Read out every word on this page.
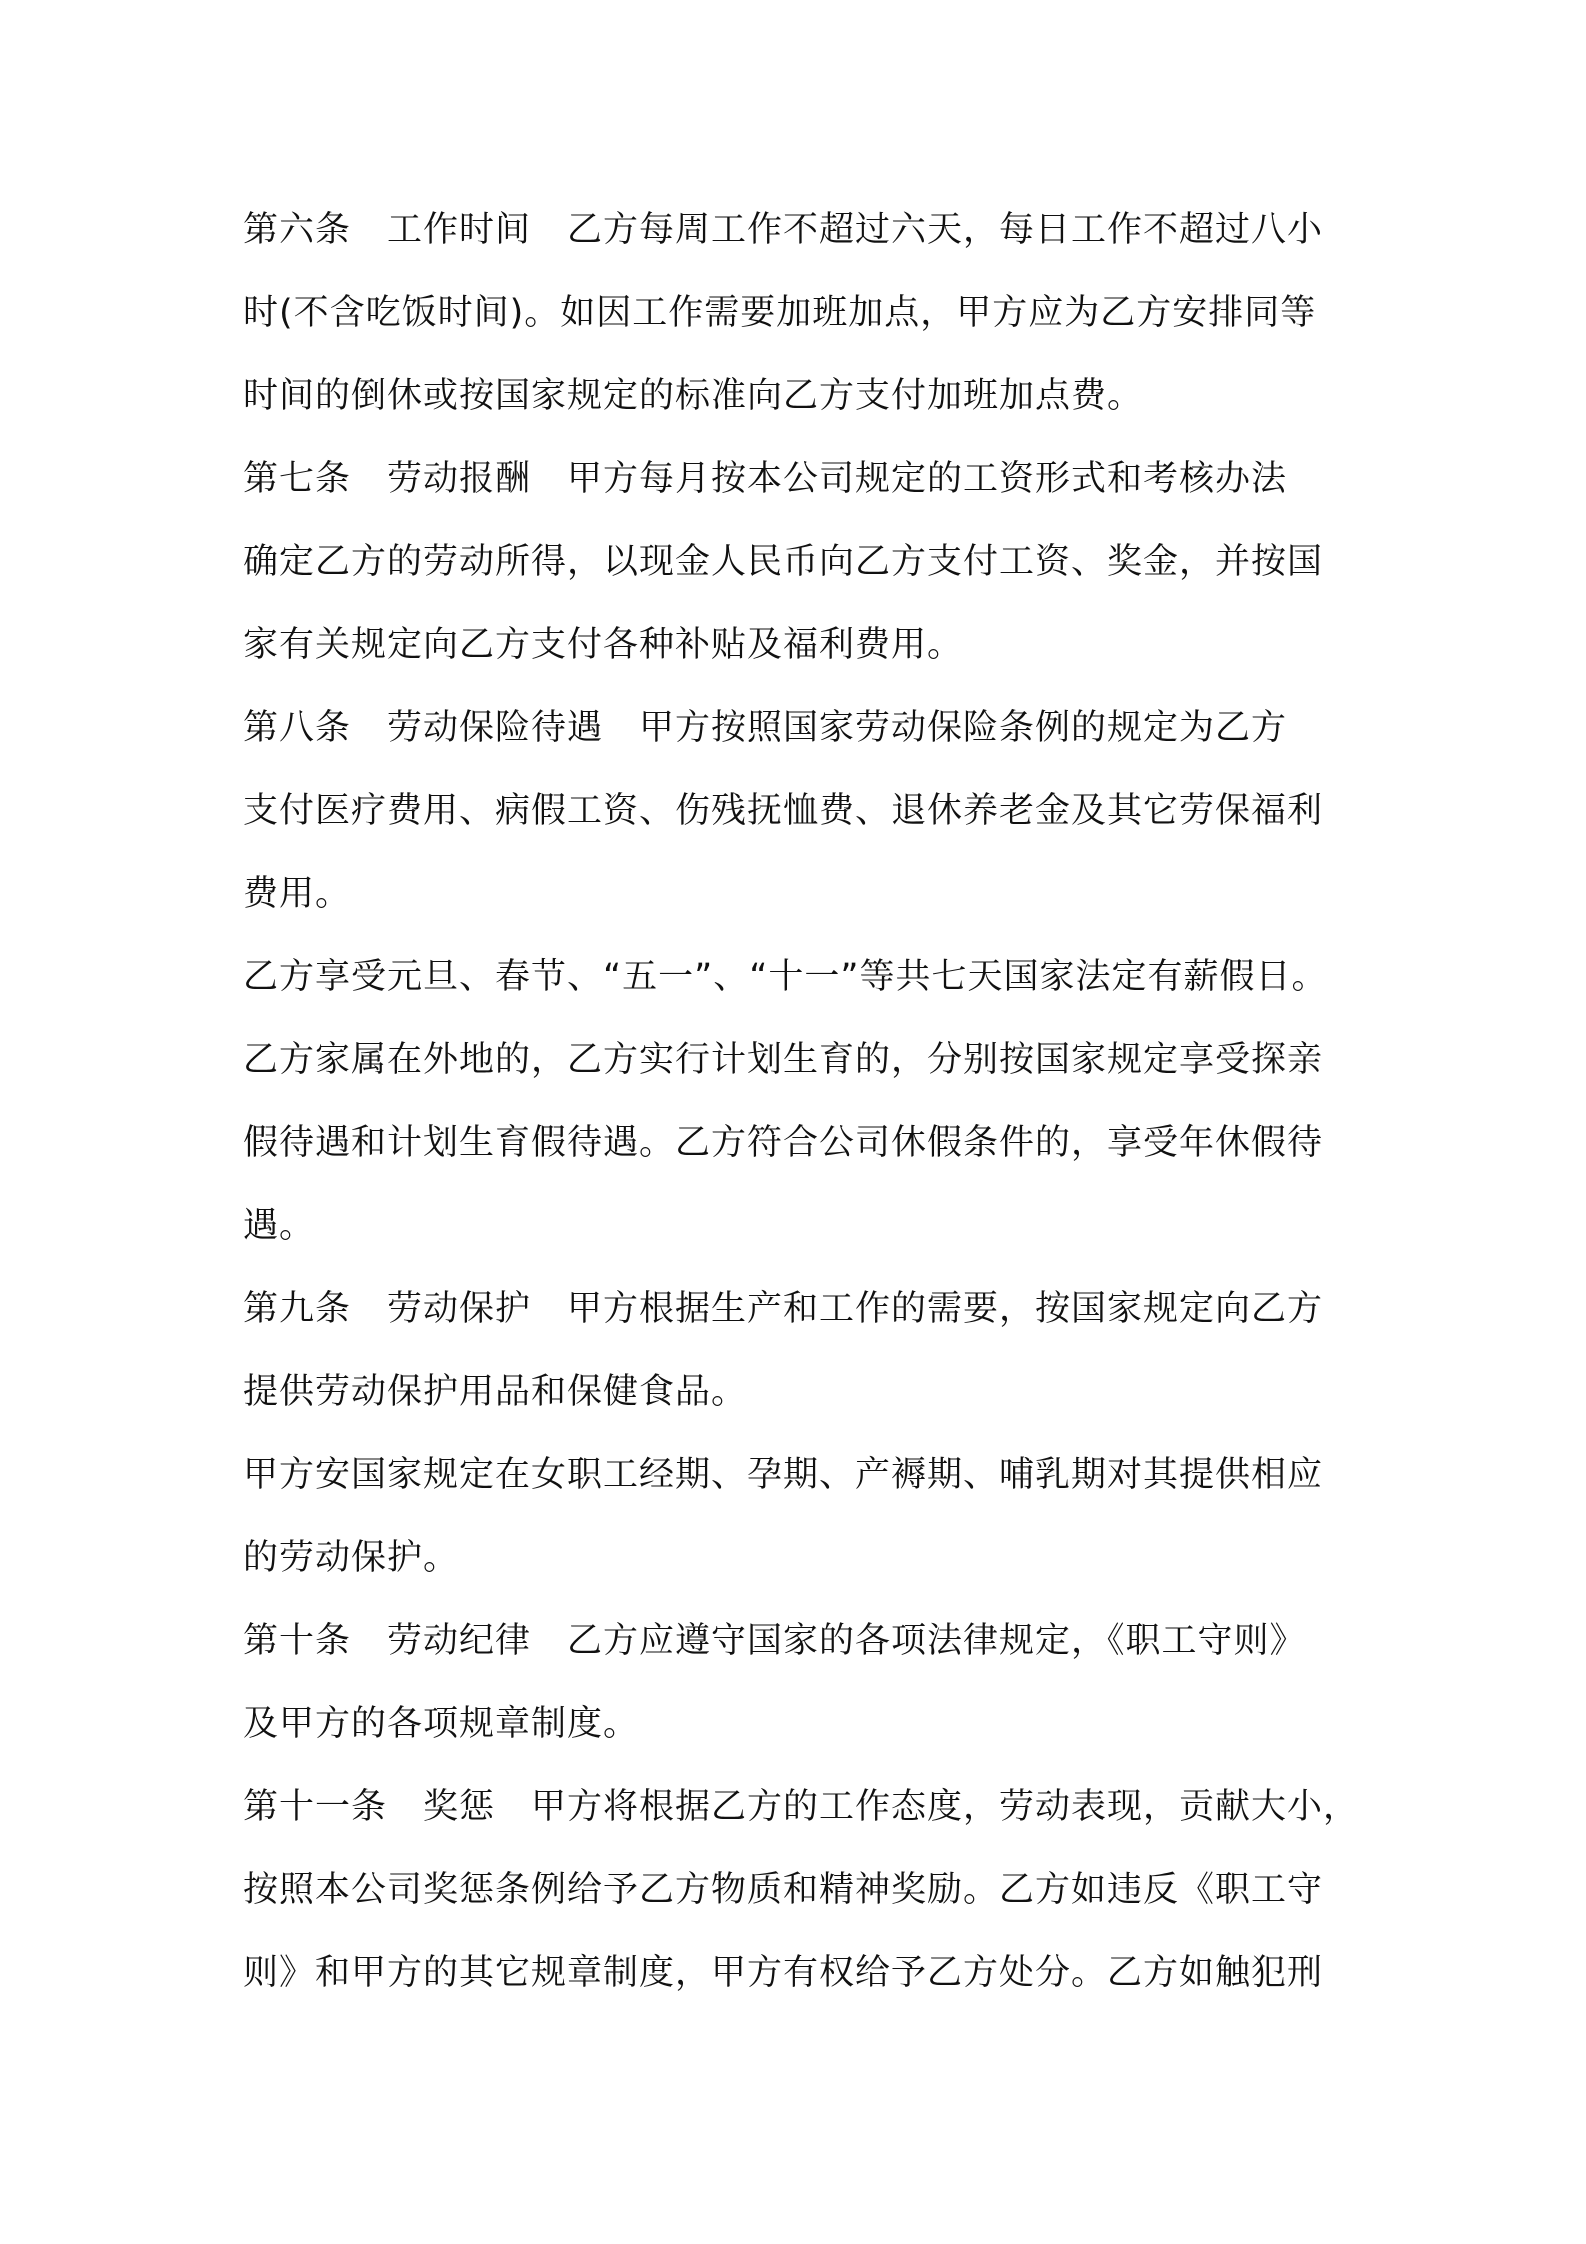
第六条　工作时间　乙方每周工作不超过六天，每日工作不超过八小
时(不含吃饭时间)。如因工作需要加班加点，甲方应为乙方安排同等
时间的倒休或按国家规定的标准向乙方支付加班加点费。
第七条　劳动报酬　甲方每月按本公司规定的工资形式和考核办法
确定乙方的劳动所得，以现金人民币向乙方支付工资、奖金，并按国
家有关规定向乙方支付各种补贴及福利费用。
第八条　劳动保险待遇　甲方按照国家劳动保险条例的规定为乙方
支付医疗费用、病假工资、伤残抚恤费、退休养老金及其它劳保福利
费用。
乙方享受元旦、春节、“五一”、“十一”等共七天国家法定有薪假日。
乙方家属在外地的，乙方实行计划生育的，分别按国家规定享受探亲
假待遇和计划生育假待遇。乙方符合公司休假条件的，享受年休假待
遇。
第九条　劳动保护　甲方根据生产和工作的需要，按国家规定向乙方
提供劳动保护用品和保健食品。
甲方安国家规定在女职工经期、孕期、产褥期、哺乳期对其提供相应
的劳动保护。
第十条　劳动纪律　乙方应遵守国家的各项法律规定，《职工守则》
及甲方的各项规章制度。
第十一条　奖惩　甲方将根据乙方的工作态度，劳动表现，贡献大小，
按照本公司奖惩条例给予乙方物质和精神奖励。乙方如违反《职工守
则》和甲方的其它规章制度，甲方有权给予乙方处分。乙方如触犯刑
